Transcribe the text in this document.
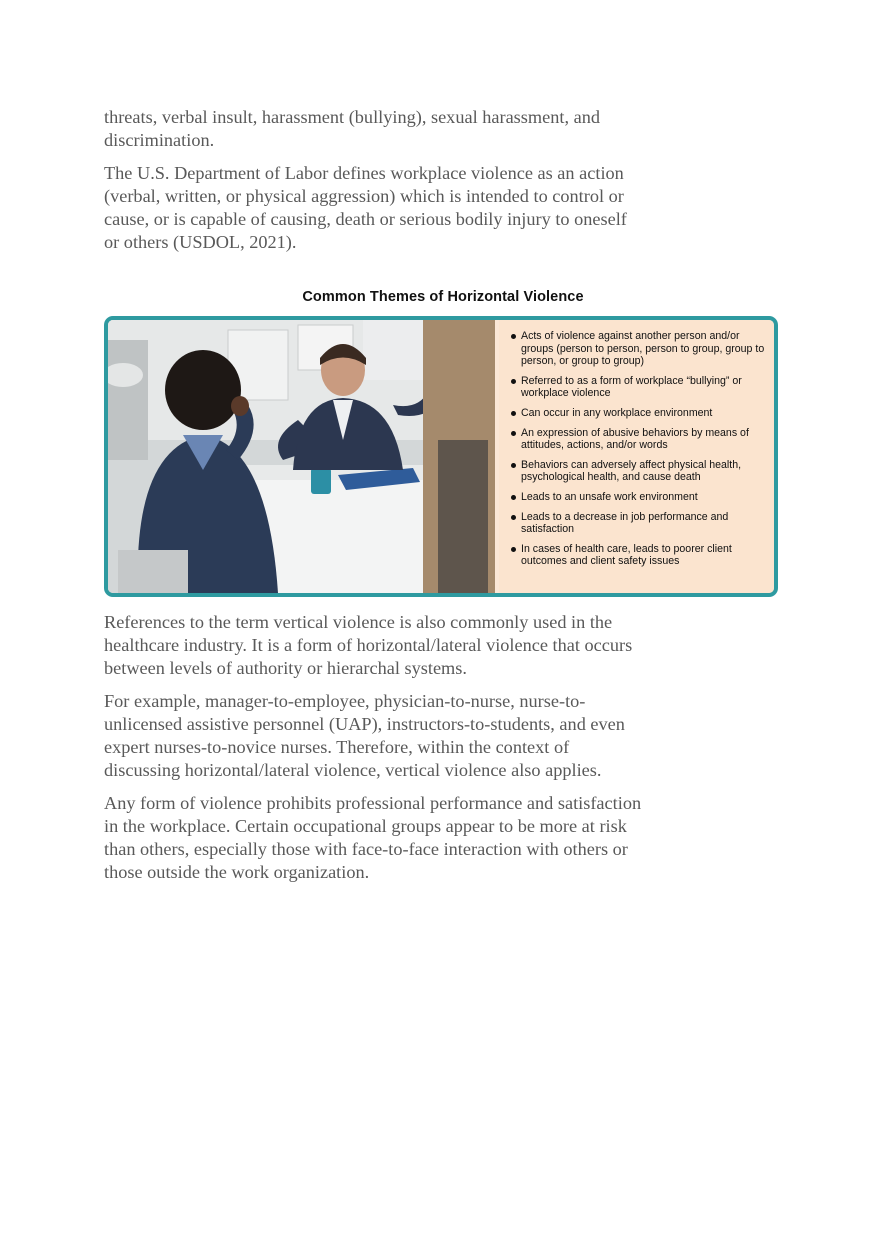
threats, verbal insult, harassment (bullying), sexual harassment, and discrimination.

The U.S. Department of Labor defines workplace violence as an action (verbal, written, or physical aggression) which is intended to control or cause, or is capable of causing, death or serious bodily injury to oneself or others (USDOL, 2021).

Common Themes of Horizontal Violence
Acts of violence against another person and/or groups (person to person, person to group, group to person, or group to group)
Referred to as a form of workplace “bullying” or workplace violence
Can occur in any workplace environment
An expression of abusive behaviors by means of attitudes, actions, and/or words
Behaviors can adversely affect physical health, psychological health, and cause death
Leads to an unsafe work environment
Leads to a decrease in job performance and satisfaction
In cases of health care, leads to poorer client outcomes and client safety issues

References to the term vertical violence is also commonly used in the healthcare industry. It is a form of horizontal/lateral violence that occurs between levels of authority or hierarchal systems.

For example, manager-to-employee, physician-to-nurse, nurse-to-unlicensed assistive personnel (UAP), instructors-to-students, and even expert nurses-to-novice nurses. Therefore, within the context of discussing horizontal/lateral violence, vertical violence also applies.

Any form of violence prohibits professional performance and satisfaction in the workplace. Certain occupational groups appear to be more at risk than others, especially those with face-to-face interaction with others or those outside the work organization.
